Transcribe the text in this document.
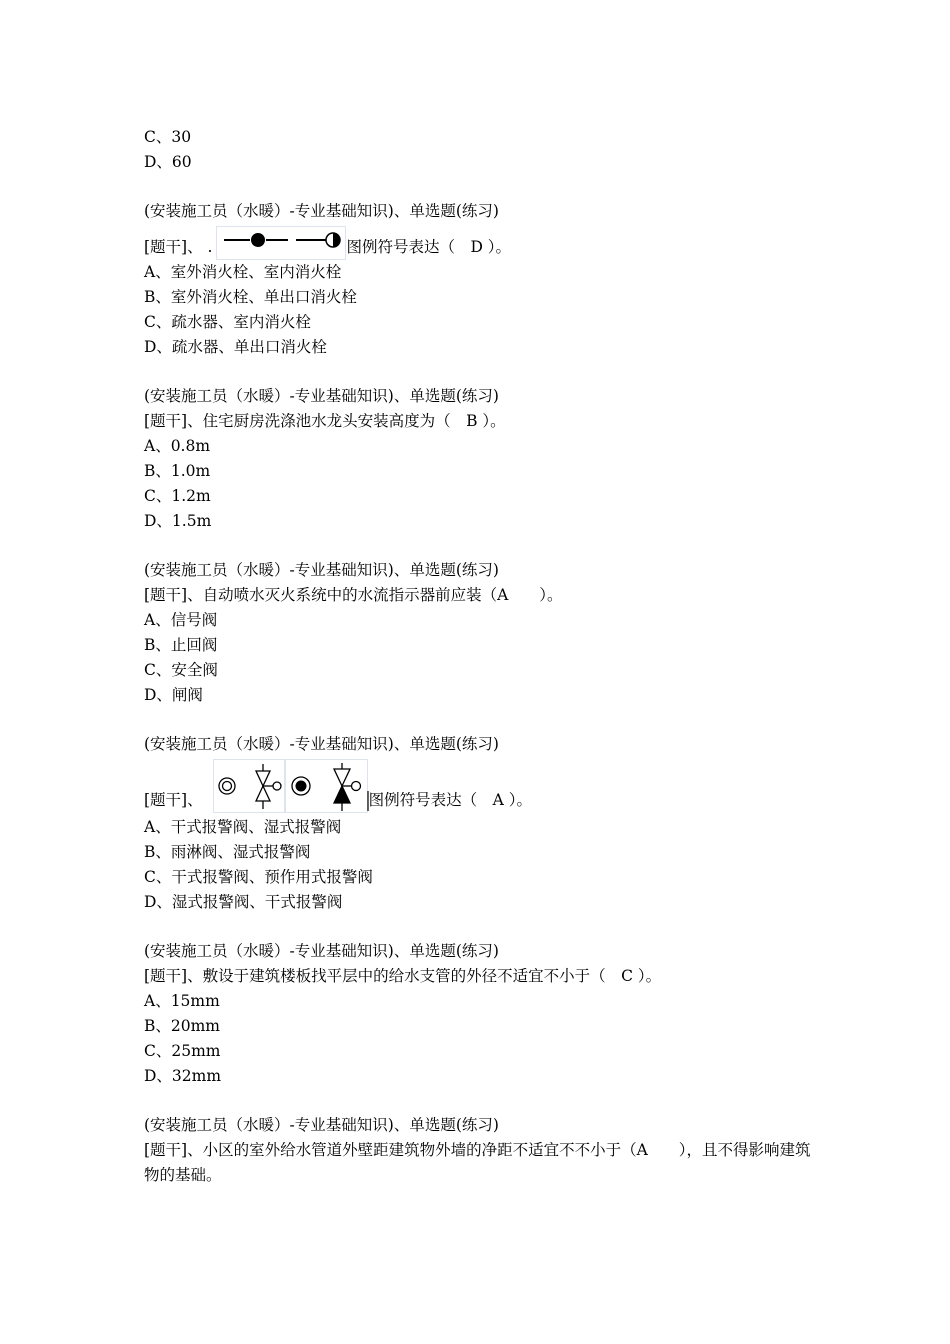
C、30
D、60
(安装施工员（水暖）-专业基础知识)、单选题(练习)
[题干]、 .	图例符号表达（　D ）。
A、室外消火栓、室内消火栓
B、室外消火栓、单出口消火栓
C、疏水器、室内消火栓
D、疏水器、单出口消火栓
(安装施工员（水暖）-专业基础知识)、单选题(练习)
[题干]、住宅厨房洗涤池水龙头安装高度为（　B ）。
A、0.8m
B、1.0m
C、1.2m
D、1.5m
(安装施工员（水暖）-专业基础知识)、单选题(练习)
[题干]、自动喷水灭火系统中的水流指示器前应装（A　　）。
A、信号阀
B、止回阀
C、安全阀
D、闸阀
(安装施工员（水暖）-专业基础知识)、单选题(练习)
[题干]、	图例符号表达（　A ）。
A、干式报警阀、湿式报警阀
B、雨淋阀、湿式报警阀
C、干式报警阀、预作用式报警阀
D、湿式报警阀、干式报警阀
(安装施工员（水暖）-专业基础知识)、单选题(练习)
[题干]、敷设于建筑楼板找平层中的给水支管的外径不适宜不小于（　C ）。
A、15mm
B、20mm
C、25mm
D、32mm
(安装施工员（水暖）-专业基础知识)、单选题(练习)
[题干]、小区的室外给水管道外壁距建筑物外墙的净距不适宜不不小于（A　　），且不得影响建筑物的基础。
